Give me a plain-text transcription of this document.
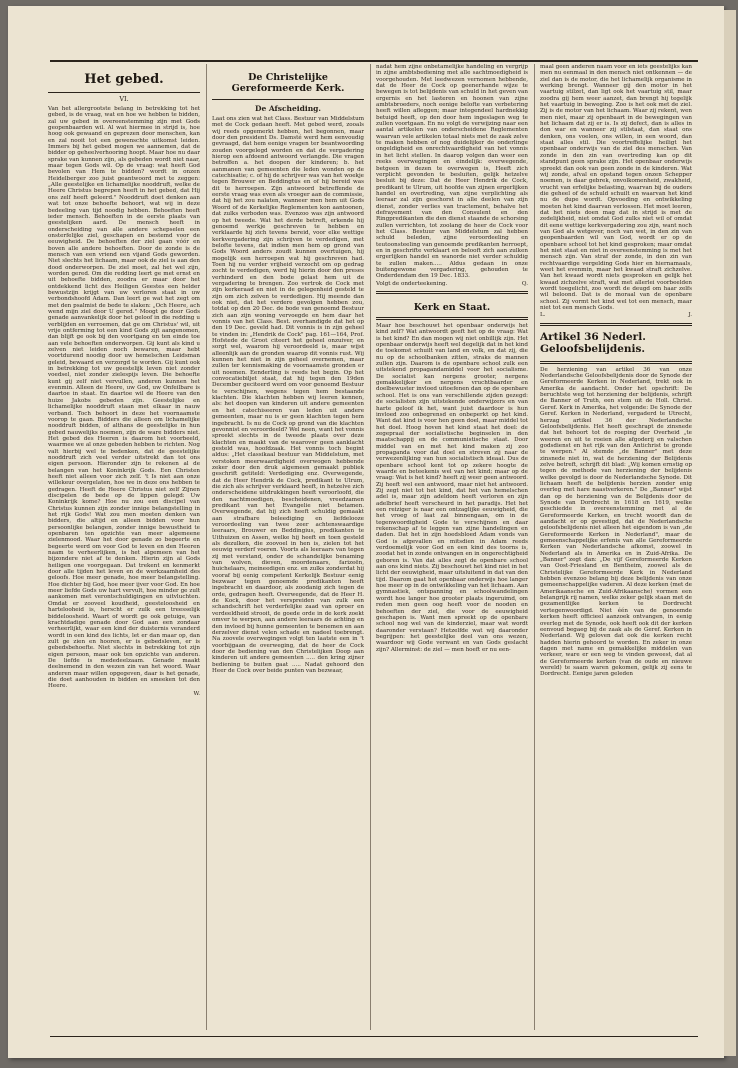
Het gebed.
VI.

Van het allergrootste belang in betrekking tot het gebed, is de vraag, wat en hoe we hebben te bidden, zal uw gebed in overeenstemming zijn met Gods geopenbaarden wil. Al wat hiermee in strijd is, hoe hoog ook gewaand en geprezen door menschen, kan en zal nooit tot een gewenschte uitkomst leiden. Immers bij het gebed mogen we aannemen, dat de bidder op geheelverhooring hoopt. Maar hoe nu daar sprake van kunnen zijn, als gebeden wordt niet naar, maar tegen Gods wil. Op de vraag: wat heeft God bevolen van Hem te bidden? wordt in onzen Heidelberger zoo juist geantwoord met te zeggen: „Alle geestelijke en lichamelijke nooddruft, welke de Heere Christus begrepen heeft in het gebed, dat Hij ons zelf heeft geleerd." Nooddruft doet denken aan wat tot onze behoefte behoort, wat wij in deze bedeeling van tijd noodig hebben. Behoeften heeft ieder mensch. Behoeften in de eerste plaats van geestelijken aard. De mensch heeft in onderscheiding van alle andere schepselen een onsterfelijke ziel, geschapen en bestemd voor de eeuwigheid. De behoeften der ziel gaan vóór en boven alle andere behoeften. Door de zonde is de mensch van een vriend een vijand Gods geworden. Niet slechts het lichaam, maar ook de ziel is aan den dood onderworpen. De ziel moet, zal het wel zijn, worden gered. Om die redding leert ge met ernst en uit behoefte bidden, zoodra er maar door het ontdekkend licht des Heiligen Geestes een helder bewustzijn krijgt van uw verloren staat in uw verbondshoofd Adam. Dan leert ge wat het zegt om met den psalmist de bede te slaken: „Och Heere, ach wend mijn ziel door U gered." Moogt ge door Gods genade aanvankelijk door het geloof in die redding u verblijden en verroemen, dat ge om Christus' wil, uit vrije ontferming tot een kind Gods zijt aangenomen, dan blijft ge ook bij den voortgang en ten einde toe aan vele behoeften onderworpen. Gij kunt als kind u zelven niet leiden noch bewaren, maar hebt voortdurend noodig door uw hemelschen Leidsman geleid, bewaard en verzorgd te worden. Gij kunt ook in betrekking tot uw geestelijk leven niet zonder voedsel, niet zonder zielespijs leven. Die behoefte kunt gij zelf niet vervullen, anderen kunnen het evenmin. Alleen de Heere, uw God, uw Onfeilbare is daartoe in staat. En daartoe wil de Heere van den huize Jakobs gebeden zijn. Geestelijke en lichamelijke nooddruft staan met elkaar in nauw verband. Toch behoort in deze het voornaamste voorop te gaan. Bidders die alleen om lichamelijke nooddruft bidden, of althans de geestelijke in hun gebed nauwelijks noemen, zijn de ware bidders niet. Het gebed des Heeren is daarom het voorbeeld, waarmee we al onze gebeden hebben te richten. Nog valt hierbij wel te bedenken, dat de geestelijke nooddruft zich veel verder uitstrekt dan tot ons eigen persoon. Hieronder zijn te rekenen al de belangen van het Koninkrijk Gods. Een Christen heeft niet alleen voor zich zelf. 't Is niet aan onze willekeur overgelaten, hoe we in deze ons hebben te gedragen. Heeft de Heere Christus niet zelf Zijnen discipelen de bede op de lippen gelegd: Uw Koninkrijk kome? Hoe nu zou een discipel van Christus kunnen zijn zonder innige belangstelling in het rijk Gods! Wat zou men moeten denken van bidders, die altijd en alleen bidden voor hun persoonlijke belangen, zonder innige bewustheid te openbaren ten opzichte van meer algemeene zielenmood. Waar het door genade zo begeerte en begeerte werd om voor God te leven en den Heeren naam te verheerlijken, is het algemeen van het bijzondere niet af te denken. Hierin zijn al Gods heiligen one voorgegaan. Dat trekent en kenmerkt door alle tijden het leven en de werkzaamheid des geloofs. Hoe meer genade, hoe meer belangstelling. Hoe dichter bij God, hoe meer ijver voor God. En hoe meer liefde Gods uw hart vervult, hoe minder ge zult aankomen met verontschuldigingen en uitvluchten. Omdat er zooveel koudheid, geesteloosheid en hartelooheid is, herscht er zulk een treesselijk biddeloosheid. Waart of wordt ge ook getuige, van krachtdadige genade door God aan een zondaar verheerlijkt, waar een kind der duisternis veranderd wordt in een kind des lichts, let er dan maar op, dan zult ge zien en hooren, er is gebedsleven, er is gebedsbehoefte. Niet slechts in betrekking tot zijn eigen persoon, maar ook ten opzichte van anderen. De liefde is mededeelzaam. Genade maakt deelnemend in den wezen zin van het woord. Waar anderen maar willen opgegeven, daar is het genade, die doet aanhouden in bidden en smeeken tot den Heere.

W.
De Christelijke Gereformeerde Kerk.
De Afscheiding.

Laat ons zien wat het Class. Bestuur van Middelstum met de Cock gedaan heeft. Met gebed werd, zooals wij reeds opgemerkt hebben, het begonnen, maar door den president Ds. Damsté werd hem eenvoudig gevraagd, dat hem eenige vragen ter beantwoording zouden voorgelegd worden en dat de vergadering hierop een afdoend antwoord verlangde. Die vragen betroffen a. het doopen der kinderen; b. het aanmanen van gemeenten die leden wonden op de catechisatie; c. of hij de schrijver was van het woekje tegen Brouwer en Beddingtus en of hij bereid was dit te herroepen. Zijn antwoord betreffende de eerste vraag was even als vroeger aan de commissie, dat hij het zou nalaten, wanneer men hem uit Gods Woord of de Kerkelijke Reglementen kon aantoonen, dat zulks verboden was. Evenzoo was zijn antwoord op het tweede. Wat het derde betreft, erkende hij genoemd werkje geschreven te hebben en verklaarde hij zich tevens bereid, voor elke wettige kerkvergadering zijn schrijven te verdedigen, met belofte tevens, dat indien men hem op grond van Gods Woord anders zoudt kunnen overtuigen, hij mogelijk een herroepen wat hij geschreven had. Toen hij nu verder vrijheid verzocht om op gedrag zocht te verdedigen, werd hij hierin door den preses verhinderd en den bode gelast hem uit de vergadering te brengen. Zoo vertrok de Cock met zijn kerkeraad en niet in de gelegenheid gesteld te zijn om zich zelven te verdedigen. Hij meende dan ook niet, dat het verdere gevolgen hebben zou, totdat op den 20 Dec. de bode van genoemd Bestuur zich aan zijn woning vervoegde en hem daar het vonnis van het Class. Best. overhandigde dat het op den 19 Dec. geveld had. Dit vonnis is in zijn geheel te vinden in: „Hendrik de Cock" pag. 161—164, Prof. Hofstede de Groot citeert het geheel onzuiver, en sorgt wel, waarom hij veroordeeld is, maar wijst alleenlijk aan de gronden waarop dit vonnis rust. Wij kunnen het niet in zijn geheel overnemen, maar zullen ter kennismaking de voornaamste gronden er uit noemen. Eenderling is reeds het begin. Op het convocatiebiljet staat, dat hij tegen den 19den December geciteerd werd om voor genoemd Bestuur te verschijnen, wegens tegen hem bestaande klachten. Die klachten hebben wij leeren kennen, als: het doopen van kinderen uit andere gemeenten en het catechiseeren van leden uit andere gemeenten, maar nu is er geen klachten tegen hem ingebracht. Is nu de Cock op grond van die klachten gevonnist en veroordeeld? Wel neen, want het vonnis spreekt slechts in de tweede plaats over deze klachten en maakt van de waarover geen aanklacht gesteld was, hoofdzaak. Het vonnis toch begint aldus: „Het classikaal bestuur van Middelstum, met verstoken meerwaardigheid overwogen hebbende zeker door den druk algemeen gemaakt publiek geschrift getiteld: Verdediging enz. Overwegende, dat de Heer Hendrik de Cock, predikant te Ulrum, die zich als schrijver verklaard heeft, in hetzelve zich onderscheidene uitdrukkingen heeft veroorloofd, die den nachtmoedigen, bescheidenen, vreedzamen predikant van het Evangelie niet betamen. Overwegende, dat hij zich heeft schuldig gemaakt aan strafbare beleediging en liefdelooze veroordeeling van twee zeer achtenswaardige leeraars, Brouwer en Beddingius, predikanten te Uithuizen en Assen, welke hij heeft en toen gesteld als dezulken, die zoovoel in hen is, zielen tot het eeuwig verderf voeren. Voorts als leeraars van tegen zij met verstand, onder de schandelijke benaming van wolven, dieven, moordenaars, farizeën, huichelaars, meineedigen enz. en zulks zonderdat hij vooraf bij eenig competent Kerkelijk Bestuur eenig bezwaar tegen genoemde predikanten heeft ingebracht en daardoor, als zoodanig zich tegen de orde, gedragen heeft. Overwegende, dat de Heer H. de Kock, door het verspreiden van zulk een schandschrift het verderfelijke zaad van oproer en verdeeldheid strooit, de goede orde in de kerk zoekt omver te werpen, aan andere leeraars de achting en den invloed bij hunne gemeenten te benemen en aan derzelver dienst velen schade en nadeel toebrengt. Na zoovele overwegingen volgt ten laatste een in 't voorbijgaan de overweging, dat de heer de Cock door de bediening van den Christelijken Doop aan kinderen uit andere gemeenten ..... den kring zijner bediening te buiten gaat ..... Nadat gehoord den Heer de Cock over beide punten van bezwaar,

nadat hem zijne onbetamelijke handeling en vergrijp in zijne ambtsbediening met alle sachtmoedigheid is voorgehouden. Met leedwezen vernomen hebbende, dat de Heer de Cock op geenerhande wijze te bewegen is tot belijdenis van schuld in het geven van ergernis en het lasteren en hoonen van zijne ambtsbroeders, noch eenige belofte van verbetering heeft willen afleggen; maar integendeel hardnekkig betuigd heeft, op den door hem ingeslagen weg te zullen voortgaan. En nu volgt de verwijzing naar een aantal artikelen van onderscheidene Reglementen waarvan vele artikelen totaal niets met de zaak zelve te maken hebben of nog duidelijker de onderlinge ongeldigheid en onrechtvaardigheid van het vonnis in het licht stellen. In daarop volgen dan weer een reeks overwegingen en eindelijk: overwegende, betgeen in dezen te overwegen is, Heeft zich verplicht gevonden te besluiten, gelijk hetzelve besluit bij deze: Dat de Heer Hendrik de Cock, predikant te Ulrum, uit hoofde van zijnen ergerlijken handel en overtreding, van zijne verplichting als leeraar zal zijn geschorst in alle deelen van zijn dienst, zonder verlies van tractement, behalve het defrayement van den Consulent en den Ringpredikanten die den dienst staande de schorsing zullen verrichten, tot zoolang de heer de Cock voor het Class. Bestuur van Middelstum zal hebben schuld beleden, zijne veroordeeling en teutoonsteeling van genoemde predikanten herroept, en in geschrifte verklaart en belooft zich aan zulken ergerlijken handel en wanorde niet verder schuldig te zullen maken..... Aldus gedaan in onze buitengewone vergadering, gehouden te Onderdendam den 19 Dec. 1833.

Volgt de onderteekening.	Q.
Kerk en Staat.

Maar hoe beschouwt het openbaar onderwijs het kind zelf? Wat antwoordt geeft het op de vraag: Wat is het kind? En dan mogen wij niet onbillijk zijn. Het openbaar onderwijs heeft wel degelijk dat in het kind de toekomst schuilt van land en volk, en dat zij, die nu op de schoolbanken zitten, straks de mannen zullen zijn. Daarom is de openbare school zulk een uitstekend propagandamiddel voor het socialisme. De socialist kan nergens grooter, nergens gemakkelijker en nergens vruchtbaarder en doelbewuster invloed uitoefenen dan op de openbare school. Het is ons van verschillende zijden gezegd: de socialisten zijn uitstekende onderwijzers en van harte geloof ik het, want juist daardoor is hun invloed zoo onbegrensd en onbeperkt op het kind. Want dat kind is voor hen geen doel, maar middel tot het doel. Hoog hoven het kind staat het doel: de zegepraal der socialistische beginselen in den maatschappij en de communistische staat. Door middel van en met het kind maken zij zoo propaganda voor dat doel en streven zij naar de verwezenlijking van hun socialistisch ideaal. Dus de openbare school kent tot op zekere hoogte de waarde en beteekenis wel van het kind; maar op de vraag: Wat is het kind? heeft zij weer geen antwoord. Zij heeft wel een antwoord, maar niet het antwoord. Zij zegt niet tot het kind, dat het van hemelschen adel is, maar zijn adeldom heeft verloren en zijn adelbrief heeft verscheurd in het paradijs. Het het een reiziger is naar een ontzaglijke eeuwigheid, die het vroeg of laat zal binnengaan, om in de tegenwoordigheid Gode te verschijnen en daar rekenschap af te leggen van zijne handelingen en daden. Dat het in zijn hoedsbloed Adam vonds van God is afgevallen en mitsdien in Adam reeds verdoemelijk voor God en een kind des toorns is, zoodat het in zonde ontvangen en in ongerechtigheid geboren is. Van dat alles zegt de openbare school aan ons kind niets. Zij beschouwt het kind niet in het licht der eeuwigheid, maar uitsluitend in dat van den tijd. Daarom gaat het openbaar onderwijs hoe langer hoe meer op in de ontwikkeling van het lichaam. Aan gymnastiek, ontspanning en schoolwandelingen wordt hoe langer hoe grooter plaats ingeruimd, om reden men geen oog heeft voor de nooden en behoeften der ziel, die voor de eeuwigheid geschapen is. Want men spreekt op de openbare school nog wel van de kinderziel, maar wat wordt daaronder verstaan? Hetzelfde wat wij daaronder begrijpen: het geestelijke deel van ons wezen, waardoor wij Gode verwant en van Gods geslacht zijn? Allerminst: de ziel — men hoeft er nu een-

maal geen anderen naam voor en iets geestelijks kan men nu eenmaal in den mensch niet ontkennen — de ziel dan is de motor, die het lichamelijk organisme in werking brengt. Wanneer gij den motor in het vaartuig stilzet, dan ligt ook het vaartuig stil, maar zoodra gij hem weer aanzet, dan brengt hij tegelijk het vaartuig in beweging. Zoo is het ook met de ziel. Zij is de motor van het lichaam. Waar zij rekent, wen men niet, maar zij openbaart in de bewegingen van het lichaam dat zij er is. Is zij defect, dan is alles in don war en wanneer zij stilstaat, dan staat ons denken, ons voelen, ons willen, in een woord, dan staat alles stil. Die voortreffelijke heiligt het openbaar onderwijs van de ziel des menschen. Van zonde in den zin van overtreding kan op dit standpunt geen sprake zijn. Het openbaar onderwijs spreekt dan ook van geen zonde in de kinderen. Wat wij zonde, afval en opstand tegen onzen Schepper noemen, is daar gebrek, onvolkomenheid, zwakheid, vrucht van erfelijke belasting, waarvan bij de ouders die geheel of de schuld schuilt en waarvan het kind nu de dupe wordt. Opvoeding en ontwikkeling moeten het kind daarvan verlossen. Het moet leeren, dat het niets doen mag dat in strijd is met de zedelijkheid, niet omdat God zulks niet wil of omdat dit eene wettige kerkvergadering zou zijn, want noch van God als wetgever, noch van wet, in den zin van geopenbaarden wil van God, wordt er op de openbare school tot het kind gesproken; maar omdat het niet staat en niet in overeenstemming is met het mensch zijn. Van straf der zonde, in den zin van rechtvaardige vergelding Gods hier en hiernamaals, weet het evenmin, maar het kwaad straft zichzelve. Van het kwaad wordt niets gesproken en gelijk het kwaad zichzelve straft, wat met allerlei voorbeelden wordt toegelicht, zoo wordt de deugd om haar zelfs wil beloond. Dat is de moraal van de openbare school. Zij vormt het kind wel tot een mensch, maar niet tot een mensch Gods.

L.	J.
Artikel 36 Nederl. Geloofsbelijdenis.

De herziening van artikel 36 van onze Nederlandsche Geloofsbelijdenis door de Synode der Gereformeerde Kerken in Nederland, trekt ook in Amerika de aandacht. Onder het opschrift: De beruchtste weg tot herziening der belijdenis, schrijft de Banner of Truth, een stem uit de Holl. Christ. Geref. Kerk in Amerika, het volgende: De Synode der Geref. Kerken in Nederland, vergaderd te Utrecht, herzag artikel 36 der Nederlandsche Geloofsbelijdenis. Het heeft geschrapt de zinsnede dat het behoort tot de roeping der Overheid „te weeren en uit te roeien alle afgoderij en valschen godsdienst en het rijk van den Antichrist te gronde te werpen." Al stemde „de Banner" met deze zinsnede niet in, wat de herziening der Belijdenis zelve betreft, schrijft dit blad: „Wij komen ernstig op tegen de methode van herziening der belijdenis welke gevolgd is door de Nederlandsche Synode. Dit lichaam heeft de belijdenis herzien zonder enig overleg met hare naastverkeren." De „Banner" wijst dan op de herziening van de Belijdenis door de Synode van Dordrecht in 1618 en 1619, welke geschiedde in overeenstemming met al de Gereformeerde Kerken, en trecht woordt dan de aandacht er op gevestigd, dat de Nederlandsche geloofsbelijdenis niet alleen het eigendom is van „de Gereformeerde Kerken in Nederland", maar de gemeenschappelijke erfenis van alle Gereformeerde Kerken van Nederlandsche afkomst, zoowel in Nederland als in Amerika en in Zuid-Afrika. De „Banner" zegt dan: „De vijf Gereformeerde Kerken van Oost-Friesland en Bentheim, zoowel als de Christelijke Gereformeerde Kerk in Nederland hebben evenzoo belang bij deze belijdenis van onze gemeenschappelijke vaderen. Al deze kerken (met de Amerikaansche en Zuid-Afrikaansche) vormen een belangrijk rij namen, welke zeker gelijk staan met de gezamentlijke kerken te Dordrecht vertegenwoordigd. Niet één van de genoemde kerken heeft officieel aanzoek ontvangen, in eenig overleg met de Synode, ook heeft ook dit der kerken eenvoud begaeg bij de zaak als de Geref. Kerken in Nederland. Wij geloven dat ook die kerken recht hadden hierin gehoord te worden. En zeker in onze dagen met name en gemakkelijke middelen van verkeer, ware er een weg te vinden geweest, dat al de Gereformeerde kerken (van de oude en nieuwe wereld) te saam waren gekomen, gelijk zij eens te Dordrecht. Eenige jaren geleden
